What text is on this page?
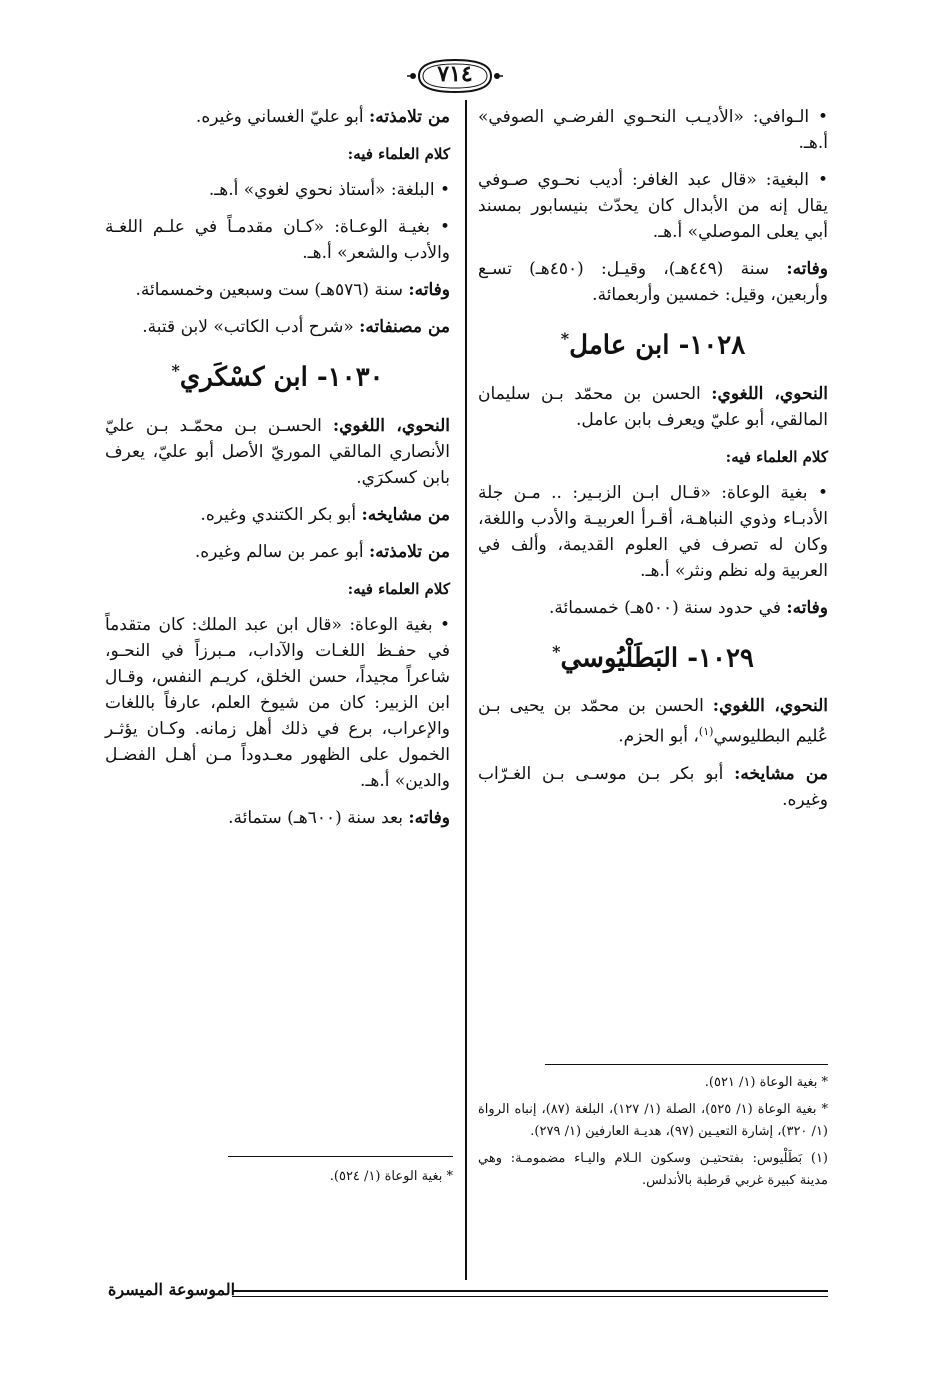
٧١٤

• الـوافي: «الأديـب النحـوي الفرضـي الصوفي» أ.هـ.

• البغية: «قال عبد الغافر: أديب نحـوي صـوفي يقال إنه من الأبدال كان يحدّث بنيسابور بمسند أبي يعلى الموصلي» أ.هـ.

وفاته: سنة (٤٤٩هـ)، وقيـل: (٤٥٠هـ) تسـع وأربعين، وقيل: خمسين وأربعمائة.

١٠٢٨- ابن عامل*

النحوي، اللغوي: الحسن بن محمّد بـن سليمان المالقي، أبو عليّ ويعرف بابن عامل.

كلام العلماء فيه:

• بغية الوعاة: «قـال ابـن الزبـير: .. مـن جلة الأدبـاء وذوي النباهـة، أقـرأ العربيـة والأدب واللغة، وكان له تصرف في العلوم القديمة، وألف في العربية وله نظم ونثر» أ.هـ.

وفاته: في حدود سنة (٥٠٠هـ) خمسمائة.

١٠٢٩- البَطَلْيُوسي*

النحوي، اللغوي: الحسن بن محمّد بن يحيى بـن عُليم البطليوسي$^{(١)}$، أبو الحزم.

من مشايخه: أبو بكر بـن موسـى بـن الغـرّاب وغيره.

* بغية الوعاة (١/ ٥٢١).

* بغية الوعاة (١/ ٥٢٥)، الصلة (١/ ١٢٧)، البلغة (٨٧)، إنباه الرواة (١/ ٣٢٠)، إشارة التعيـين (٩٧)، هديـة العارفين (١/ ٢٧٩).

(١) بَطَلْيوس: بفتحتيـن وسكون الـلام واليـاء مضمومـة: وهي مدينة كبيرة غربي قرطبة بالأندلس.

من تلامذته: أبو عليّ الغساني وغيره.

كلام العلماء فيه:

• البلغة: «أستاذ نحوي لغوي» أ.هـ.

• بغيـة الوعـاة: «كـان مقدمـاً في علـم اللغـة والأدب والشعر» أ.هـ.

وفاته: سنة (٥٧٦هـ) ست وسبعين وخمسمائة.

من مصنفاته: «شرح أدب الكاتب» لابن قتبة.

١٠٣٠- ابن كسْكَري*

النحوي، اللغوي: الحسـن بـن محمّـد بـن عليّ الأنصاري المالقي الموريّ الأصل أبو عليّ، يعرف بابن كسكرَي.

من مشايخه: أبو بكر الكتندي وغيره.

من تلامذته: أبو عمر بن سالم وغيره.

كلام العلماء فيه:

• بغية الوعاة: «قال ابن عبد الملك: كان متقدماً في حفـظ اللغـات والآداب، مـبرزاً في النحـو، شاعراً مجيداً، حسن الخلق، كريـم النفس، وقـال ابن الزبير: كان من شيوخ العلم، عارفاً باللغات والإعراب، برع في ذلك أهل زمانه. وكـان يؤثـر الخمول على الظهور معـدوداً مـن أهـل الفضـل والدين» أ.هـ.

وفاته: بعد سنة (٦٠٠هـ) ستمائة.

* بغية الوعاة (١/ ٥٢٤).

الموسوعة الميسرة
